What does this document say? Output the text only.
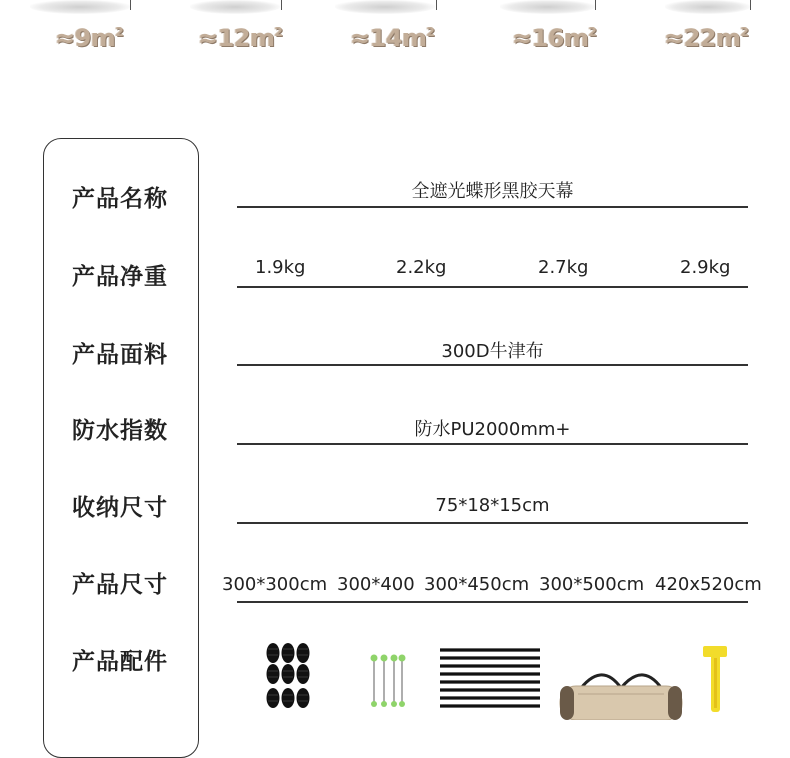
$\approx 9m^2$	$\approx 12m^2$	$\approx 14m^2$	$\approx 16m^2$	$\approx 22m^2$
产品名称	全遮光蝶形黑胶天幕
产品净重	1.9kg	2.2kg	2.7kg	2.9kg
产品面料	300D牛津布
防水指数	防水PU2000mm+
收纳尺寸	75*18*15cm
产品尺寸	300*300cm 300*400 300*450cm 300*500cm 420x520cm
产品配件
